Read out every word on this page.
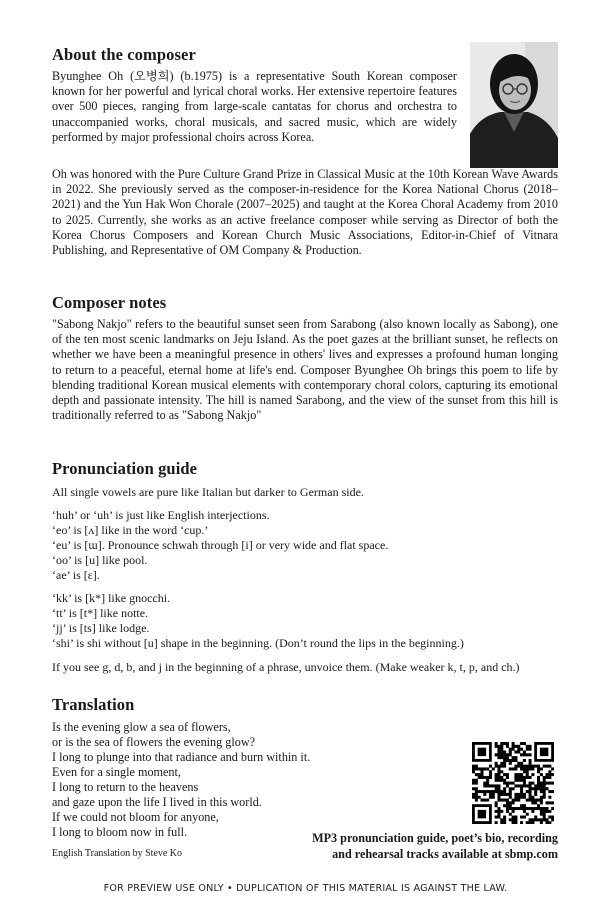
About the composer

Byunghee Oh (오병희) (b.1975) is a representative South Korean composer known for her powerful and lyrical choral works. Her extensive repertoire features over 500 pieces, ranging from large-scale cantatas for chorus and orchestra to unaccompanied works, choral musicals, and sacred music, which are widely performed by major professional choirs across Korea.

Oh was honored with the Pure Culture Grand Prize in Classical Music at the 10th Korean Wave Awards in 2022. She previously served as the composer-in-residence for the Korea National Chorus (2018–2021) and the Yun Hak Won Chorale (2007–2025) and taught at the Korea Choral Academy from 2010 to 2025. Currently, she works as an active freelance composer while serving as Director of both the Korea Chorus Composers and Korean Church Music Associations, Editor-in-Chief of Vitnara Publishing, and Representative of OM Company & Production.

Composer notes

"Sabong Nakjo" refers to the beautiful sunset seen from Sarabong (also known locally as Sabong), one of the ten most scenic landmarks on Jeju Island. As the poet gazes at the brilliant sunset, he reflects on whether we have been a meaningful presence in others' lives and expresses a profound human longing to return to a peaceful, eternal home at life's end. Composer Byunghee Oh brings this poem to life by blending traditional Korean musical elements with contemporary choral colors, capturing its emotional depth and passionate intensity. The hill is named Sarabong, and the view of the sunset from this hill is traditionally referred to as "Sabong Nakjo"

Pronunciation guide
All single vowels are pure like Italian but darker to German side.
‘huh’ or ‘uh’ is just like English interjections.
‘eo’ is [ʌ] like in the word ‘cup.’
‘eu’ is [ɯ]. Pronounce schwah through [i] or very wide and flat space.
‘oo’ is [u] like pool.
‘ae’ is [ɛ].
‘kk’ is [k*] like gnocchi.
‘tt’ is [t*] like notte.
‘jj’ is [ts] like lodge.
‘shi’ is shi without [u] shape in the beginning. (Don’t round the lips in the beginning.)
If you see g, d, b, and j in the beginning of a phrase, unvoice them. (Make weaker k, t, p, and ch.)
Translation
Is the evening glow a sea of flowers,
or is the sea of flowers the evening glow?
I long to plunge into that radiance and burn within it.
Even for a single moment,
I long to return to the heavens
and gaze upon the life I lived in this world.
If we could not bloom for anyone,
I long to bloom now in full.
English Translation by Steve Ko
MP3 pronunciation guide, poet’s bio, recording
and rehearsal tracks available at sbmp.com
FOR PREVIEW USE ONLY • DUPLICATION OF THIS MATERIAL IS AGAINST THE LAW.
